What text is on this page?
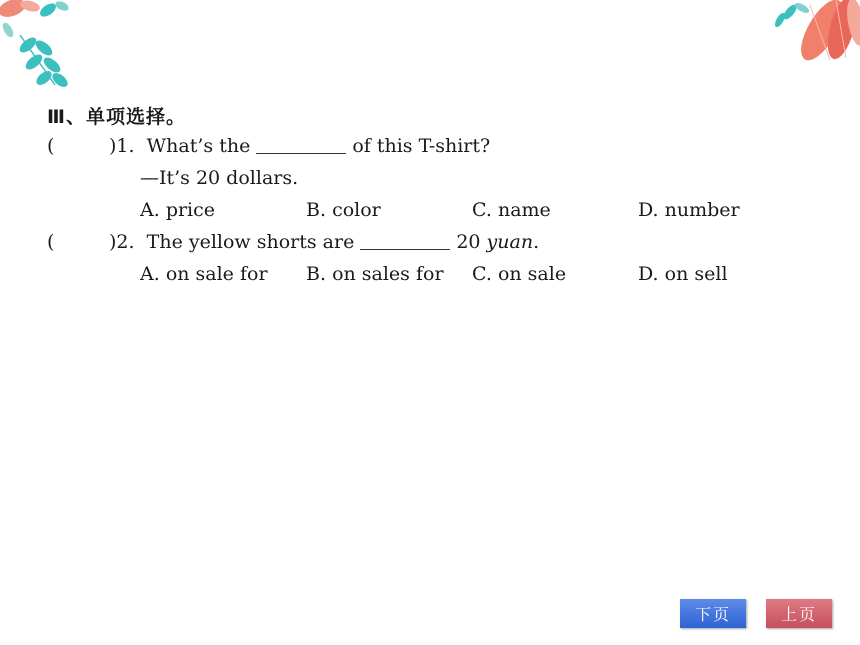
Ⅲ、单项选择。
(	)1. What’s the	of this T-shirt?
—It’s 20 dollars.
A. price	B. color	C. name	D. number
(	)2. The yellow shorts are	20 yuan.
A. on sale for B. on sales for C. on sale	D. on sell
下页	上页
